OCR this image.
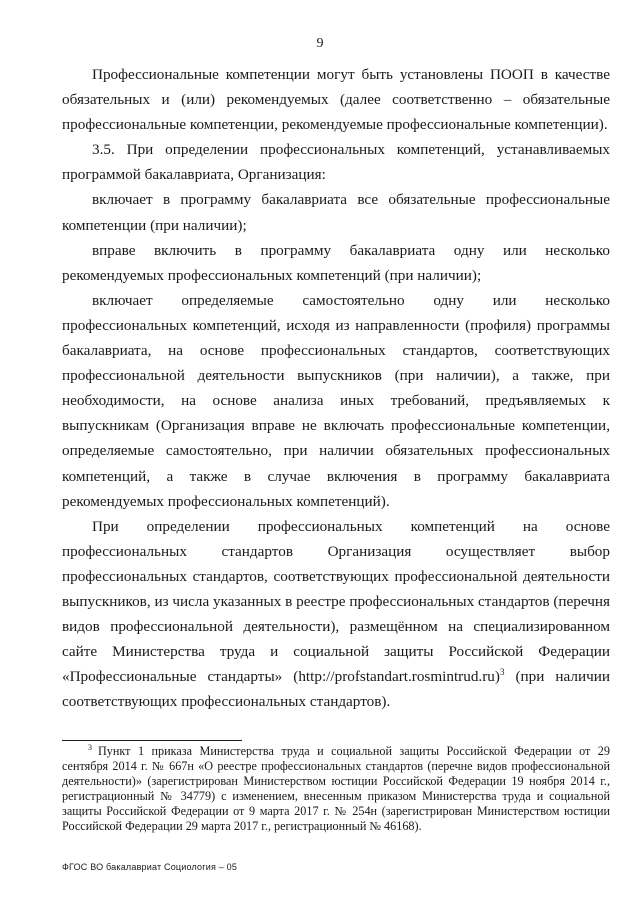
9

Профессиональные компетенции могут быть установлены ПООП в качестве обязательных и (или) рекомендуемых (далее соответственно – обязательные профессиональные компетенции, рекомендуемые профессиональные компетенции).

3.5. При определении профессиональных компетенций, устанавливаемых программой бакалавриата, Организация:

включает в программу бакалавриата все обязательные профессиональные компетенции (при наличии);

вправе включить в программу бакалавриата одну или несколько рекомендуемых профессиональных компетенций (при наличии);

включает определяемые самостоятельно одну или несколько профессиональных компетенций, исходя из направленности (профиля) программы бакалавриата, на основе профессиональных стандартов, соответствующих профессиональной деятельности выпускников (при наличии), а также, при необходимости, на основе анализа иных требований, предъявляемых к выпускникам (Организация вправе не включать профессиональные компетенции, определяемые самостоятельно, при наличии обязательных профессиональных компетенций, а также в случае включения в программу бакалавриата рекомендуемых профессиональных компетенций).

При определении профессиональных компетенций на основе профессиональных стандартов Организация осуществляет выбор профессиональных стандартов, соответствующих профессиональной деятельности выпускников, из числа указанных в реестре профессиональных стандартов (перечня видов профессиональной деятельности), размещённом на специализированном сайте Министерства труда и социальной защиты Российской Федерации «Профессиональные стандарты» (http://profstandart.rosmintrud.ru)$^3$ (при наличии соответствующих профессиональных стандартов).

$^3$ Пункт 1 приказа Министерства труда и социальной защиты Российской Федерации от 29 сентября 2014 г. № 667н «О реестре профессиональных стандартов (перечне видов профессиональной деятельности)» (зарегистрирован Министерством юстиции Российской Федерации 19 ноября 2014 г., регистрационный № 34779) с изменением, внесенным приказом Министерства труда и социальной защиты Российской Федерации от 9 марта 2017 г. № 254н (зарегистрирован Министерством юстиции Российской Федерации 29 марта 2017 г., регистрационный № 46168).

ФГОС ВО бакалавриат Социология – 05
